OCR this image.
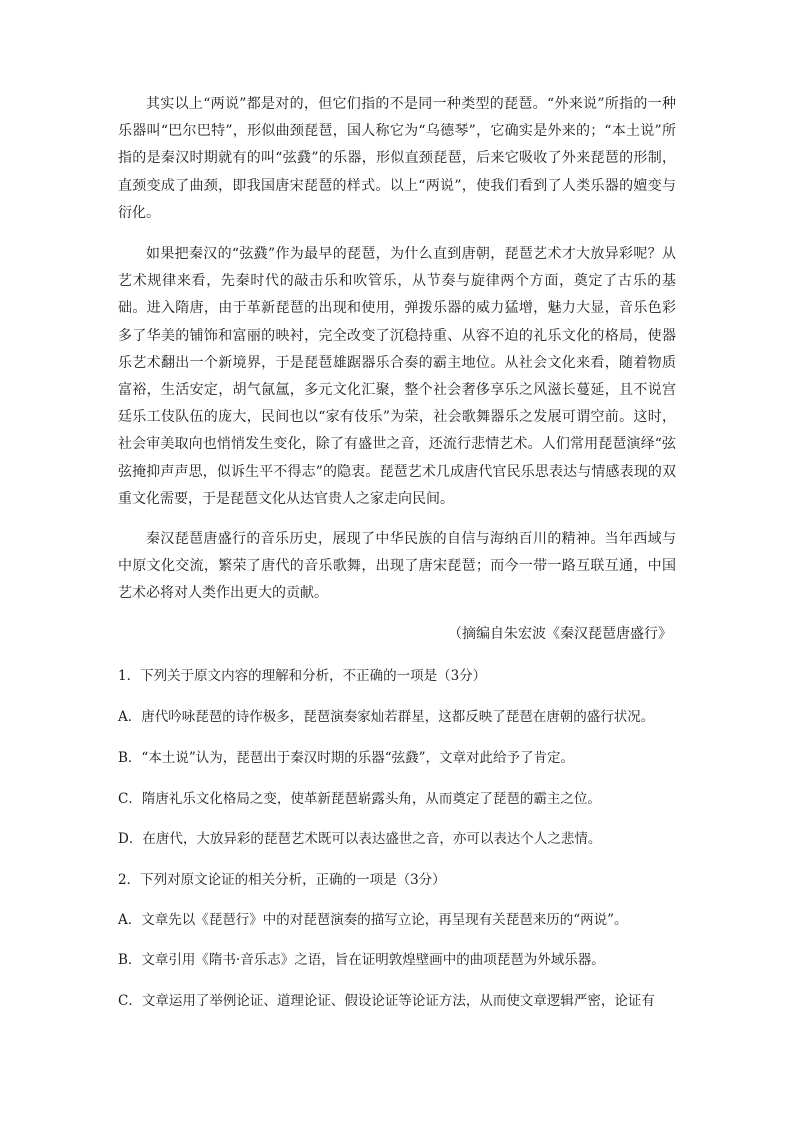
其实以上“两说”都是对的，但它们指的不是同一种类型的琵琶。“外来说”所指的一种乐器叫“巴尔巴特”，形似曲颈琵琶，国人称它为“乌德琴”，它确实是外来的；“本土说”所指的是秦汉时期就有的叫“弦鼗”的乐器，形似直颈琵琶，后来它吸收了外来琵琶的形制，直颈变成了曲颈，即我国唐宋琵琶的样式。以上“两说”，使我们看到了人类乐器的嬗变与衍化。

如果把秦汉的“弦鼗”作为最早的琵琶，为什么直到唐朝，琵琶艺术才大放异彩呢？从艺术规律来看，先秦时代的敲击乐和吹管乐，从节奏与旋律两个方面，奠定了古乐的基础。进入隋唐，由于革新琵琶的出现和使用，弹拨乐器的威力猛增，魅力大显，音乐色彩多了华美的铺饰和富丽的映衬，完全改变了沉稳持重、从容不迫的礼乐文化的格局，使器乐艺术翻出一个新境界，于是琵琶雄踞器乐合奏的霸主地位。从社会文化来看，随着物质富裕，生活安定，胡气氤氲，多元文化汇聚，整个社会奢侈享乐之风滋长蔓延，且不说宫廷乐工伎队伍的庞大，民间也以“家有伎乐”为荣，社会歌舞器乐之发展可谓空前。这时，社会审美取向也悄悄发生变化，除了有盛世之音，还流行悲情艺术。人们常用琵琶演绎“弦弦掩抑声声思，似诉生平不得志”的隐衷。琵琶艺术几成唐代官民乐思表达与情感表现的双重文化需要，于是琵琶文化从达官贵人之家走向民间。

秦汉琵琶唐盛行的音乐历史，展现了中华民族的自信与海纳百川的精神。当年西域与中原文化交流，繁荣了唐代的音乐歌舞，出现了唐宋琵琶；而今一带一路互联互通，中国艺术必将对人类作出更大的贡献。

（摘编自朱宏波《秦汉琵琶唐盛行》

1．下列关于原文内容的理解和分析，不正确的一项是（3分）

A．唐代吟咏琵琶的诗作极多，琵琶演奏家灿若群星，这都反映了琵琶在唐朝的盛行状况。

B．“本土说”认为，琵琶出于秦汉时期的乐器“弦鼗”，文章对此给予了肯定。

C．隋唐礼乐文化格局之变，使革新琵琶崭露头角，从而奠定了琵琶的霸主之位。

D．在唐代，大放异彩的琵琶艺术既可以表达盛世之音，亦可以表达个人之悲情。

2．下列对原文论证的相关分析，正确的一项是（3分）

A．文章先以《琵琶行》中的对琵琶演奏的描写立论，再呈现有关琵琶来历的“两说”。

B．文章引用《隋书·音乐志》之语，旨在证明敦煌壁画中的曲项琵琶为外域乐器。

C．文章运用了举例论证、道理论证、假设论证等论证方法，从而使文章逻辑严密，论证有
